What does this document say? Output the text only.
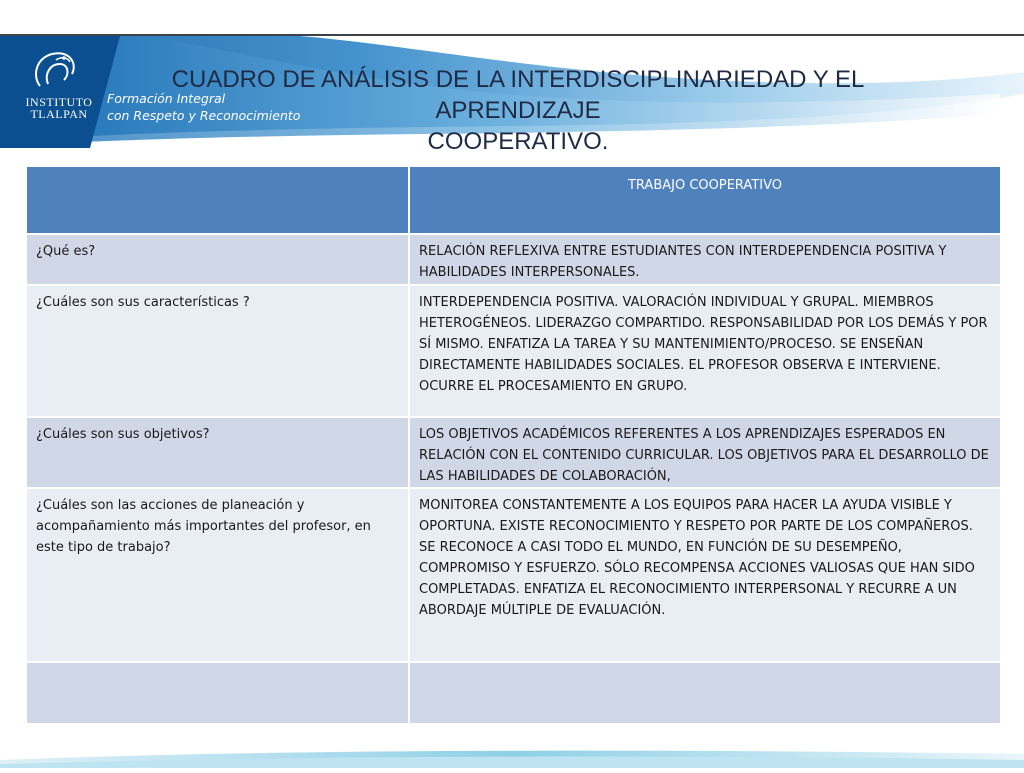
INSTITUTO
TLALPAN
Formación Integral
con Respeto y Reconocimiento
CUADRO DE ANÁLISIS DE LA INTERDISCIPLINARIEDAD Y EL APRENDIZAJE
COOPERATIVO.
	TRABAJO COOPERATIVO
¿Qué es?	RELACIÓN REFLEXIVA ENTRE ESTUDIANTES CON INTERDEPENDENCIA POSITIVA Y HABILIDADES INTERPERSONALES.
¿Cuáles son sus características ?	INTERDEPENDENCIA POSITIVA. VALORACIÓN INDIVIDUAL Y GRUPAL. MIEMBROS HETEROGÉNEOS. LIDERAZGO COMPARTIDO. RESPONSABILIDAD POR LOS DEMÁS Y POR SÍ MISMO. ENFATIZA LA TAREA Y SU MANTENIMIENTO/PROCESO. SE ENSEÑAN DIRECTAMENTE HABILIDADES SOCIALES. EL PROFESOR OBSERVA E INTERVIENE. OCURRE EL PROCESAMIENTO EN GRUPO.
¿Cuáles son sus objetivos?	LOS OBJETIVOS ACADÉMICOS REFERENTES A LOS APRENDIZAJES ESPERADOS EN RELACIÓN CON EL CONTENIDO CURRICULAR. LOS OBJETIVOS PARA EL DESARROLLO DE LAS HABILIDADES DE COLABORACIÓN,
¿Cuáles son las acciones de planeación y acompañamiento más importantes del profesor, en este tipo de trabajo?	MONITOREA CONSTANTEMENTE A LOS EQUIPOS PARA HACER LA AYUDA VISIBLE Y OPORTUNA. EXISTE RECONOCIMIENTO Y RESPETO POR PARTE DE LOS COMPAÑEROS. SE RECONOCE A CASI TODO EL MUNDO, EN FUNCIÓN DE SU DESEMPEÑO, COMPROMISO Y ESFUERZO. SÓLO RECOMPENSA ACCIONES VALIOSAS QUE HAN SIDO COMPLETADAS. ENFATIZA EL RECONOCIMIENTO INTERPERSONAL Y RECURRE A UN ABORDAJE MÚLTIPLE DE EVALUACIÓN.
